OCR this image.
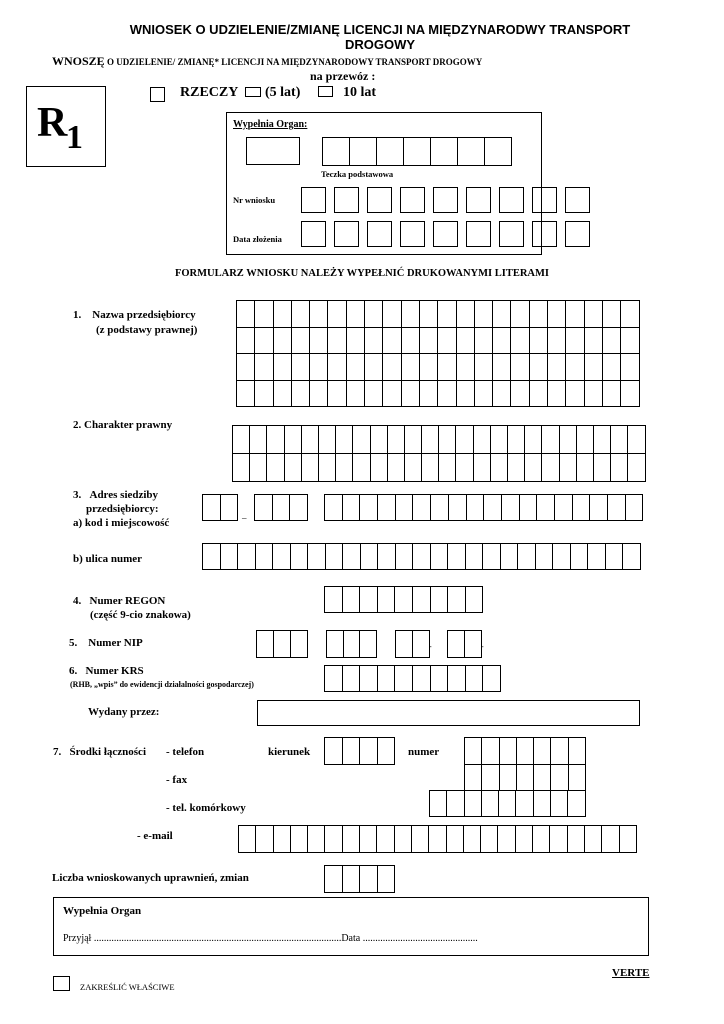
WNIOSEK O UDZIELENIE/ZMIANĘ LICENCJI NA MIĘDZYNARODWY TRANSPORT
DROGOWY
WNOSZĘ O UDZIELENIE/ ZMIANĘ* LICENCJI NA MIĘDZYNARODOWY TRANSPORT DROGOWY
na przewóz :
R
1
RZECZY (5 lat)	10 lat
Wypełnia Organ:
Teczka podstawowa
Nr wniosku
Data złożenia
FORMULARZ WNIOSKU NALEŻY WYPEŁNIĆ DRUKOWANYMI LITERAMI
1.    Nazwa przedsiębiorcy
(z podstawy prawnej)
2. Charakter prawny
3.   Adres siedziby
przedsiębiorcy:
a) kod i miejscowość	–
b) ulica numer
4.   Numer REGON
(część 9-cio znakowa)
5.    Numer NIP	-	-
6.   Numer KRS
(RHB, „wpis” do ewidencji działalności gospodarczej)
Wydany przez:
7.   Środki łączności - telefon	kierunek	numer
- fax
- tel. komórkowy
- e-mail
Liczba wnioskowanych uprawnień, zmian
Wypełnia Organ
Przyjął ...................................................................................................Data ..............................................
VERTE
ZAKREŚLIĆ WŁAŚCIWE
